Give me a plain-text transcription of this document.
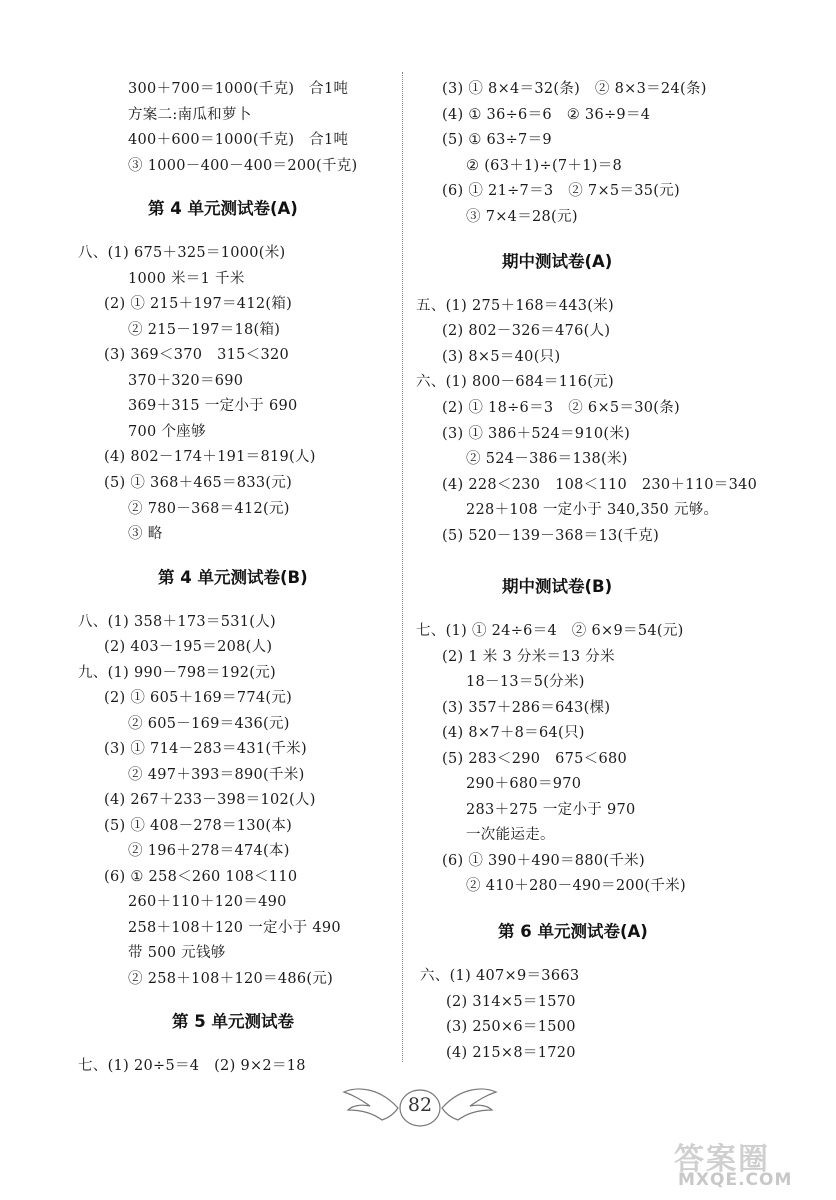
300＋700＝1000(千克)　合1吨
方案二:南瓜和萝卜
400＋600＝1000(千克)　合1吨
③ 1000－400－400＝200(千克)
第 4 单元测试卷(A)
八、(1) 675＋325＝1000(米)
1000 米＝1 千米
(2) ① 215＋197＝412(箱)
② 215－197＝18(箱)
(3) 369＜370　315＜320
370＋320＝690
369＋315 一定小于 690
700 个座够
(4) 802－174＋191＝819(人)
(5) ① 368＋465＝833(元)
② 780－368＝412(元)
③ 略
第 4 单元测试卷(B)
八、(1) 358＋173＝531(人)
(2) 403－195＝208(人)
九、(1) 990－798＝192(元)
(2) ① 605＋169＝774(元)
② 605－169＝436(元)
(3) ① 714－283＝431(千米)
② 497＋393＝890(千米)
(4) 267＋233－398＝102(人)
(5) ① 408－278＝130(本)
② 196＋278＝474(本)
(6) ① 258＜260 108＜110
260＋110＋120＝490
258＋108＋120 一定小于 490
带 500 元钱够
② 258＋108＋120＝486(元)
第 5 单元测试卷
七、(1) 20÷5＝4　(2) 9×2＝18
(3) ① 8×4＝32(条)　② 8×3＝24(条)
(4) ① 36÷6＝6　② 36÷9＝4
(5) ① 63÷7＝9
② (63＋1)÷(7＋1)＝8
(6) ① 21÷7＝3　② 7×5＝35(元)
③ 7×4＝28(元)
期中测试卷(A)
五、(1) 275＋168＝443(米)
(2) 802－326＝476(人)
(3) 8×5＝40(只)
六、(1) 800－684＝116(元)
(2) ① 18÷6＝3　② 6×5＝30(条)
(3) ① 386＋524＝910(米)
② 524－386＝138(米)
(4) 228＜230　108＜110　230＋110＝340
228＋108 一定小于 340,350 元够。
(5) 520－139－368＝13(千克)
期中测试卷(B)
七、(1) ① 24÷6＝4　② 6×9＝54(元)
(2) 1 米 3 分米＝13 分米
18－13＝5(分米)
(3) 357＋286＝643(棵)
(4) 8×7＋8＝64(只)
(5) 283＜290　675＜680
290＋680＝970
283＋275 一定小于 970
一次能运走。
(6) ① 390＋490＝880(千米)
② 410＋280－490＝200(千米)
第 6 单元测试卷(A)
六、(1) 407×9＝3663
(2) 314×5＝1570
(3) 250×6＝1500
(4) 215×8＝1720
82
答案圈
MXQE.COM
